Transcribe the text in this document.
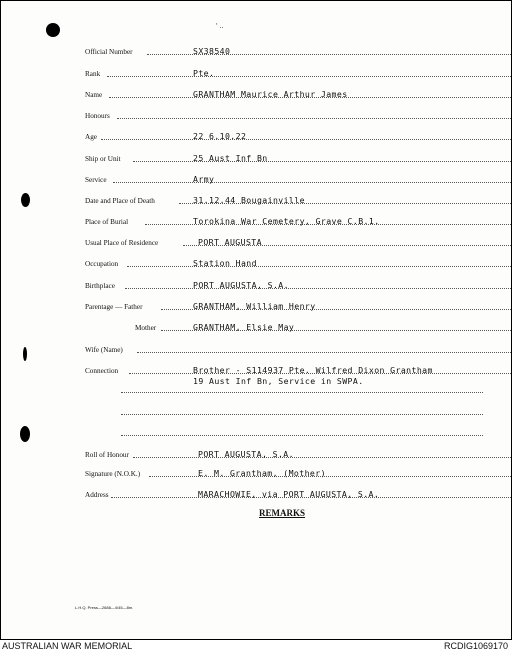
' ..
Official Number	SX38540
Rank	Pte.
Name	GRANTHAM Maurice Arthur James
Honours
Age	22 6.10.22
Ship or Unit	25 Aust Inf Bn
Service	Army
Date and Place of Death	31.12.44 Bougainville
Place of Burial	Torokina War Cemetery, Grave C.B.1.
Usual Place of Residence	PORT AUGUSTA
Occupation	Station Hand
Birthplace	PORT AUGUSTA, S.A.
Parentage — Father	GRANTHAM, William Henry
Mother	GRANTHAM, Elsie May
Wife (Name)
Connection	Brother - S114937 Pte. Wilfred Dixon Grantham
19 Aust Inf Bn, Service in SWPA.
Roll of Honour	PORT AUGUSTA, S.A.
Signature (N.O.K.)	E. M. Grantham, (Mother)
Address	MARACHOWIE, via PORT AUGUSTA, S.A.
REMARKS
L.H.Q. Press—2688—4/45—8m.
AUSTRALIAN WAR MEMORIAL	RCDIG1069170
